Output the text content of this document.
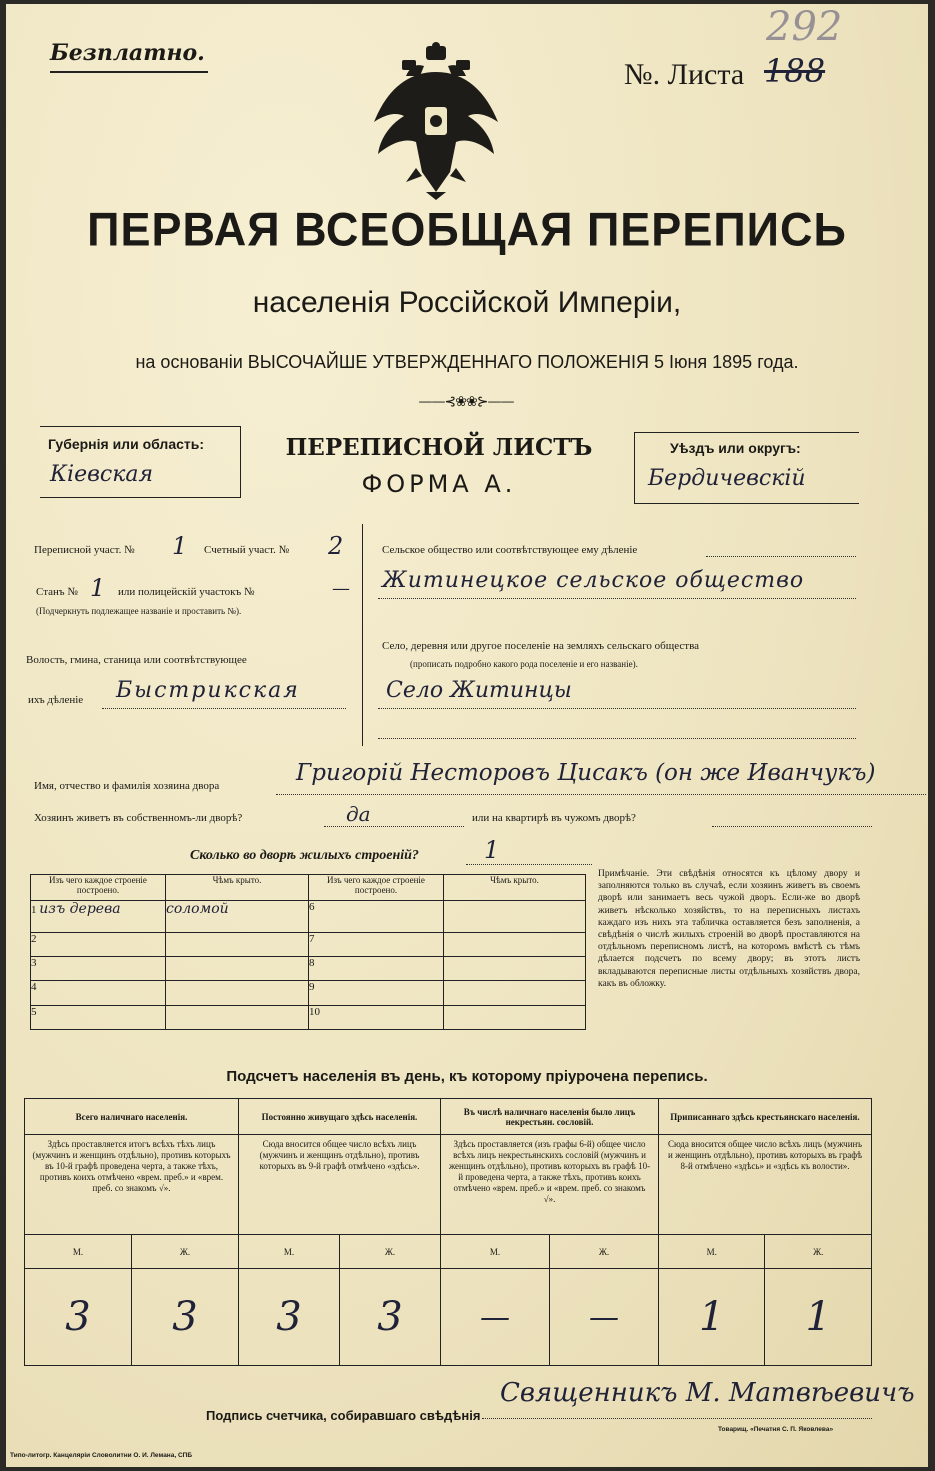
292
Безплатно.
№. Листа 188
ПЕРВАЯ ВСЕОБЩАЯ ПЕРЕПИСЬ
населенія Россійской Имперіи,
на основаніи ВЫСОЧАЙШЕ УТВЕРЖДЕННАГО ПОЛОЖЕНІЯ 5 Іюня 1895 года.
——⊰❀❀⊱——
Губернія или область:
Кіевская
ПЕРЕПИСНОЙ ЛИСТЪ
ФОРМА А.
Уѣздъ или округъ:
Бердичевскій
Переписной участ. № 1 Счетный участ. № 2
Станъ № 1 или полицейскій участокъ №	—
(Подчеркнуть подлежащее названіе и проставить №).
Волость, гмина, станица или соотвѣтствующее
ихъ дѣленіе Быстрикская
Сельское общество или соотвѣтствующее ему дѣленіе
Житинецкое сельское общество
Село, деревня или другое поселеніе на земляхъ сельскаго общества
(прописать подробно какого рода поселеніе и его названіе).
Село Житинцы
Имя, отчество и фамилія хозяина двора	Григорій Несторовъ Цисакъ (он же Иванчукъ)
Хозяинъ живетъ въ собственномъ-ли дворѣ?	да	или на квартирѣ въ чужомъ дворѣ?
Сколько во дворѣ жилыхъ строеній?	1
Изъ чего каждое строеніе построено.	Чѣмъ крыто.	Изъ чего каждое строеніе построено.	Чѣмъ крыто.
1 изъ дерева	соломой	6	
2		7	
3		8	
4		9	
5		10	
Примѣчаніе. Эти свѣдѣнія относятся къ цѣлому двору и заполняются только въ случаѣ, если хозяинъ живетъ въ своемъ дворѣ или занимаетъ весь чужой дворъ. Если-же во дворѣ живетъ нѣсколько хозяйствъ, то на переписныхъ листахъ каждаго изъ нихъ эта табличка оставляется безъ заполненія, а свѣдѣнія о числѣ жилыхъ строеній во дворѣ проставляются на отдѣльномъ переписномъ листѣ, на которомъ вмѣстѣ съ тѣмъ дѣлается подсчетъ по всему двору; въ этотъ листъ вкладываются переписные листы отдѣльныхъ хозяйствъ двора, какъ въ обложку.
Подсчетъ населенія въ день, къ которому пріурочена перепись.
Всего наличнаго населенія.		Постоянно живущаго здѣсь населенія.		Въ числѣ наличнаго населенія было лицъ некрестьян. сословій.		Приписаннаго здѣсь крестьянскаго населенія.	
Здѣсь проставляется итогъ всѣхъ тѣхъ лицъ (мужчинъ и женщинъ отдѣльно), противъ которыхъ въ 10-й графѣ проведена черта, а также тѣхъ, противъ коихъ отмѣчено «врем. преб.» и «врем. преб. со знакомъ √».		Сюда вносится общее число всѣхъ лицъ (мужчинъ и женщинъ отдѣльно), противъ которыхъ въ 9-й графѣ отмѣчено «здѣсь».		Здѣсь проставляется (изъ графы 6-й) общее число всѣхъ лицъ некрестьянскихъ сословій (мужчинъ и женщинъ отдѣльно), противъ которыхъ въ графѣ 10-й проведена черта, а также тѣхъ, противъ коихъ отмѣчено «врем. преб.» и «врем. преб. со знакомъ √».		Сюда вносится общее число всѣхъ лицъ (мужчинъ и женщинъ отдѣльно), противъ которыхъ въ графѣ 8-й отмѣчено «здѣсь» и «здѣсь къ волости».	
М.	Ж.	М.	Ж.	М.	Ж.	М.	Ж.
3	3	3	3	—	—	1	1
Подпись счетчика, собиравшаго свѣдѣнія
Священникъ М. Матвѣевичъ
Типо-литогр. Канцеляріи Словолитни О. И. Лемана, СПБ
Товарищ. «Печатня С. П. Яковлева»
